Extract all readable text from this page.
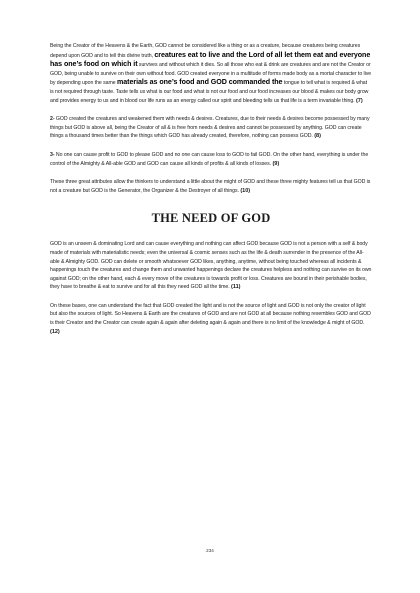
Being the Creator of the Heavens & the Earth, GOD cannot be considered like a thing or as a creature, because creatures being creatures depend upon GOD and to tell this divine truth, creatures eat to live and the Lord of all let them eat and everyone has one’s food on which it survives and without which it dies. So all those who eat & drink are creatures and are not the Creator or GOD, being unable to survive on their own without food. GOD created everyone in a multitude of forms made body as a mortal character to live by depending upon the same materials as one’s food and GOD commanded the tongue to tell what is required & what is not required through taste. Taste tells us what is our food and what is not our food and our food increases our blood & makes our body grow and provides energy to us and in blood our life runs as an energy called our spirit and bleeding tells us that life is a term invariable thing. (7)

2- GOD created the creatures and weakened them with needs & desires. Creatures, due to their needs & desires become possessed by many things but GOD is above all, being the Creator of all & is free from needs & desires and cannot be possessed by anything. GOD can create things a thousand times better than the things which GOD has already created, therefore, nothing can possess GOD. (8)

3- No one can cause profit to GOD to please GOD and no one can cause loss to GOD to fail GOD. On the other hand, everything is under the control of the Almighty & All-able GOD and GOD can cause all kinds of profits & all kinds of losses. (9)

These three great attributes allow the thinkers to understand a little about the might of GOD and these three mighty features tell us that GOD is not a creature but GOD is the Generator, the Organizer & the Destroyer of all things. (10)

THE NEED OF GOD

GOD is an unseen & dominating Lord and can cause everything and nothing can affect GOD because GOD is not a person with a self & body made of materials with materialistic needs; even the universal & cosmic senses such as the life & death surrender in the presence of the All-able & Almighty GOD. GOD can delete or smooth whatsoever GOD likes, anything, anytime, without being touched whereas all incidents & happenings touch the creatures and change them and unwanted happenings declare the creatures helpless and nothing can survive on its own against GOD; on the other hand, each & every move of the creatures is towards profit or loss. Creatures are bound in their perishable bodies, they have to breathe & eat to survive and for all this they need GOD all the time. (11)

On these bases, one can understand the fact that GOD created the light and is not the source of light and GOD is not only the creator of light but also the sources of light. So Heavens & Earth are the creatures of GOD and are not GOD at all because nothing resembles GOD and GOD is their Creator and the Creator can create again & again after deleting again & again and there is no limit of the knowledge & might of GOD. (12)

234
